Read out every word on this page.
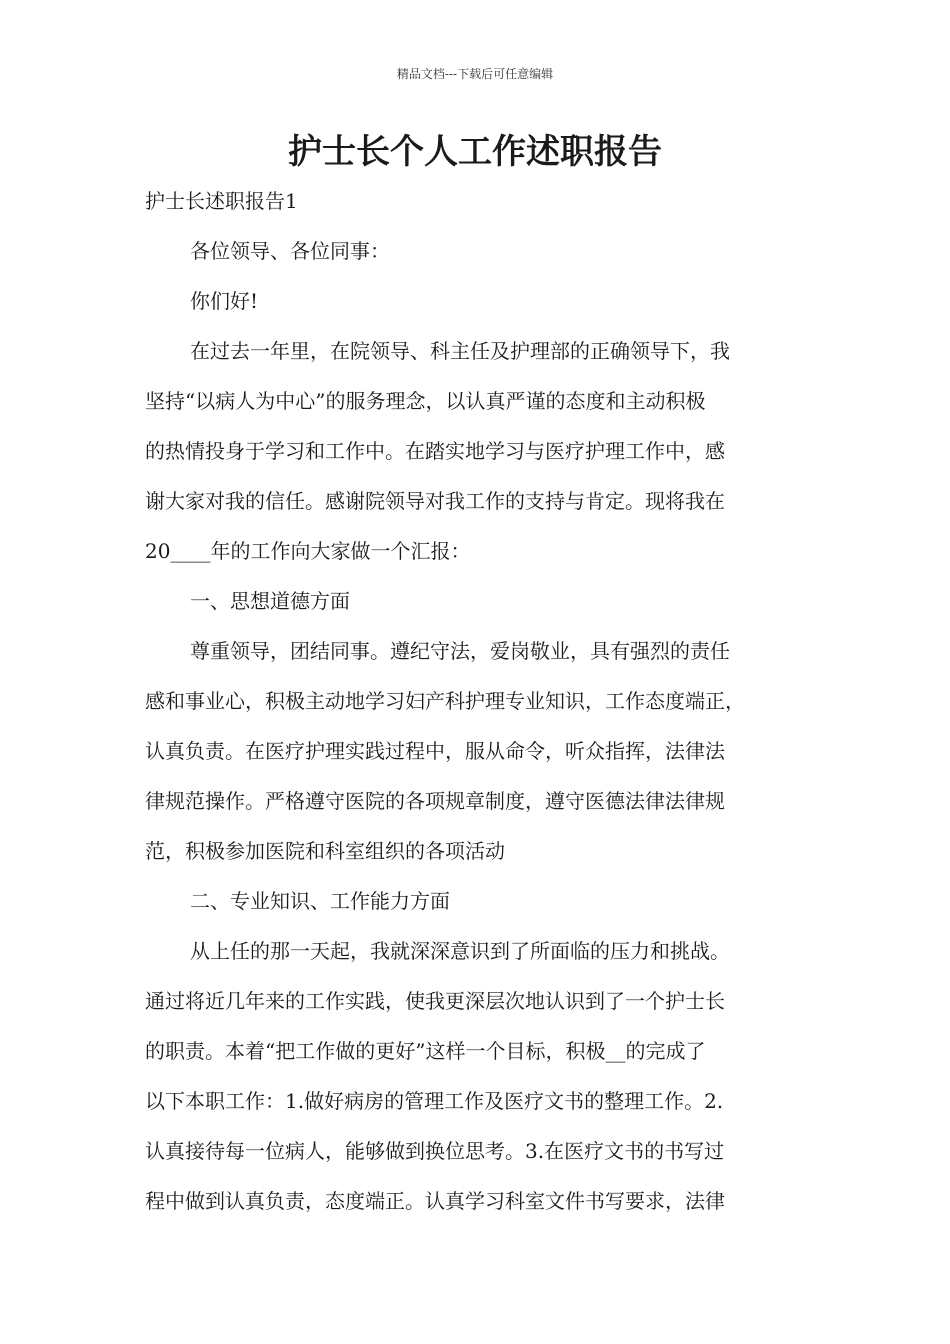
精品文档---下载后可任意编辑
护士长个人工作述职报告

护士长述职报告1

各位领导、各位同事：

你们好!

在过去一年里，在院领导、科主任及护理部的正确领导下，我
坚持“以病人为中心”的服务理念，以认真严谨的态度和主动积极
的热情投身于学习和工作中。在踏实地学习与医疗护理工作中，感
谢大家对我的信任。感谢院领导对我工作的支持与肯定。现将我在
20____年的工作向大家做一个汇报：

一、思想道德方面

尊重领导，团结同事。遵纪守法，爱岗敬业，具有强烈的责任
感和事业心，积极主动地学习妇产科护理专业知识，工作态度端正，
认真负责。在医疗护理实践过程中，服从命令，听众指挥，法律法
律规范操作。严格遵守医院的各项规章制度，遵守医德法律法律规
范，积极参加医院和科室组织的各项活动

二、专业知识、工作能力方面

从上任的那一天起，我就深深意识到了所面临的压力和挑战。
通过将近几年来的工作实践，使我更深层次地认识到了一个护士长
的职责。本着“把工作做的更好”这样一个目标，积极__的完成了
以下本职工作：1.做好病房的管理工作及医疗文书的整理工作。2.
认真接待每一位病人，能够做到换位思考。3.在医疗文书的书写过
程中做到认真负责，态度端正。认真学习科室文件书写要求，法律
